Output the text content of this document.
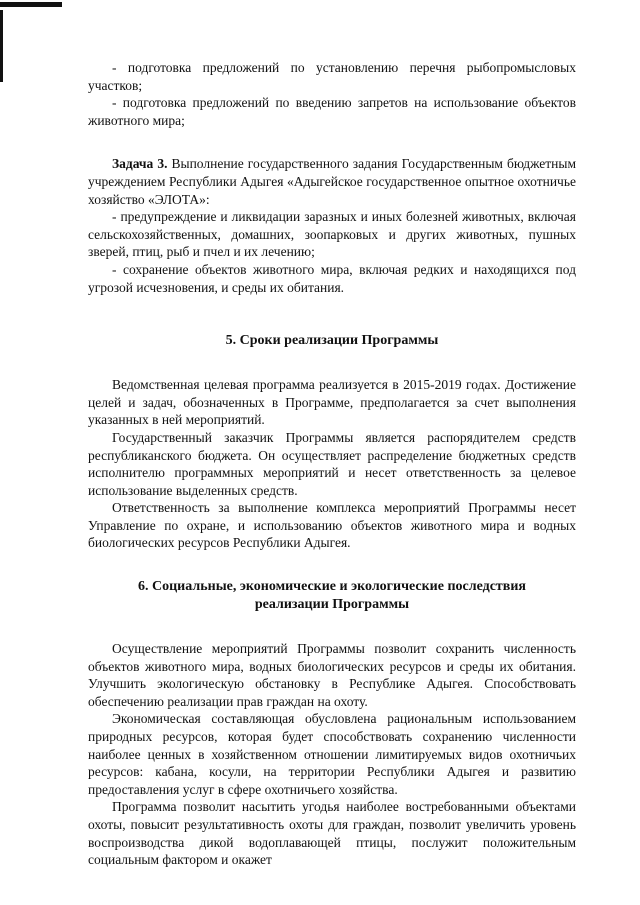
- подготовка предложений по установлению перечня рыбопромысловых участков;

- подготовка предложений по введению запретов на использование объектов животного мира;

Задача 3. Выполнение государственного задания Государственным бюджетным учреждением Республики Адыгея «Адыгейское государственное опытное охотничье хозяйство «ЭЛОТА»:

- предупреждение и ликвидации заразных и иных болезней животных, включая сельскохозяйственных, домашних, зоопарковых и других животных, пушных зверей, птиц, рыб и пчел и их лечению;

- сохранение объектов животного мира, включая редких и находящихся под угрозой исчезновения, и среды их обитания.

5. Сроки реализации Программы

Ведомственная целевая программа реализуется в 2015-2019 годах. Достижение целей и задач, обозначенных в Программе, предполагается за счет выполнения указанных в ней мероприятий.

Государственный заказчик Программы является распорядителем средств республиканского бюджета. Он осуществляет распределение бюджетных средств исполнителю программных мероприятий и несет ответственность за целевое использование выделенных средств.

Ответственность за выполнение комплекса мероприятий Программы несет Управление по охране, и использованию объектов животного мира и водных биологических ресурсов Республики Адыгея.

6. Социальные, экономические и экологические последствия

реализации Программы

Осуществление мероприятий Программы позволит сохранить численность объектов животного мира, водных биологических ресурсов и среды их обитания. Улучшить экологическую обстановку в Республике Адыгея. Способствовать обеспечению реализации прав граждан на охоту.

Экономическая составляющая обусловлена рациональным использованием природных ресурсов, которая будет способствовать сохранению численности наиболее ценных в хозяйственном отношении лимитируемых видов охотничьих ресурсов: кабана, косули, на территории Республики Адыгея и развитию предоставления услуг в сфере охотничьего хозяйства.

Программа позволит насытить угодья наиболее востребованными объектами охоты, повысит результативность охоты для граждан, позволит увеличить уровень воспроизводства дикой водоплавающей птицы, послужит положительным социальным фактором и окажет
